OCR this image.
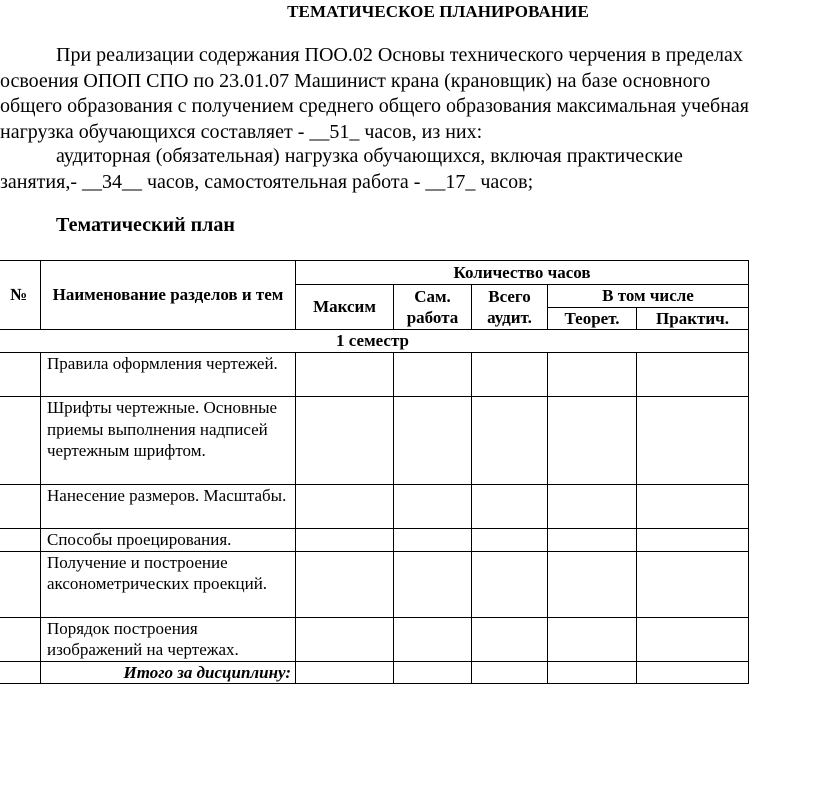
ТЕМАТИЧЕСКОЕ ПЛАНИРОВАНИЕ
При реализации содержания ПОО.02 Основы технического черчения в пределах
освоения ОПОП СПО по 23.01.07 Машинист крана (крановщик) на базе основного
общего образования с получением среднего общего образования максимальная учебная
нагрузка обучающихся составляет - __51_ часов, из них:
аудиторная (обязательная) нагрузка обучающихся, включая практические
занятия,- __34__ часов, самостоятельная работа - __17_ часов;
Тематический план
№	Наименование разделов и тем	Количество часов				
		Максим	Сам. работа	Всего аудит.	В том числе	
					Теорет.	Практич.
1 семестр						
	Правила оформления чертежей.					
	Шрифты чертежные. Основные приемы выполнения надписей чертежным шрифтом.					
	Нанесение размеров. Масштабы.					
	Способы проецирования.					
	Получение и построение аксонометрических проекций.					
	Порядок построения изображений на чертежах.					
	Итого за дисциплину:					
